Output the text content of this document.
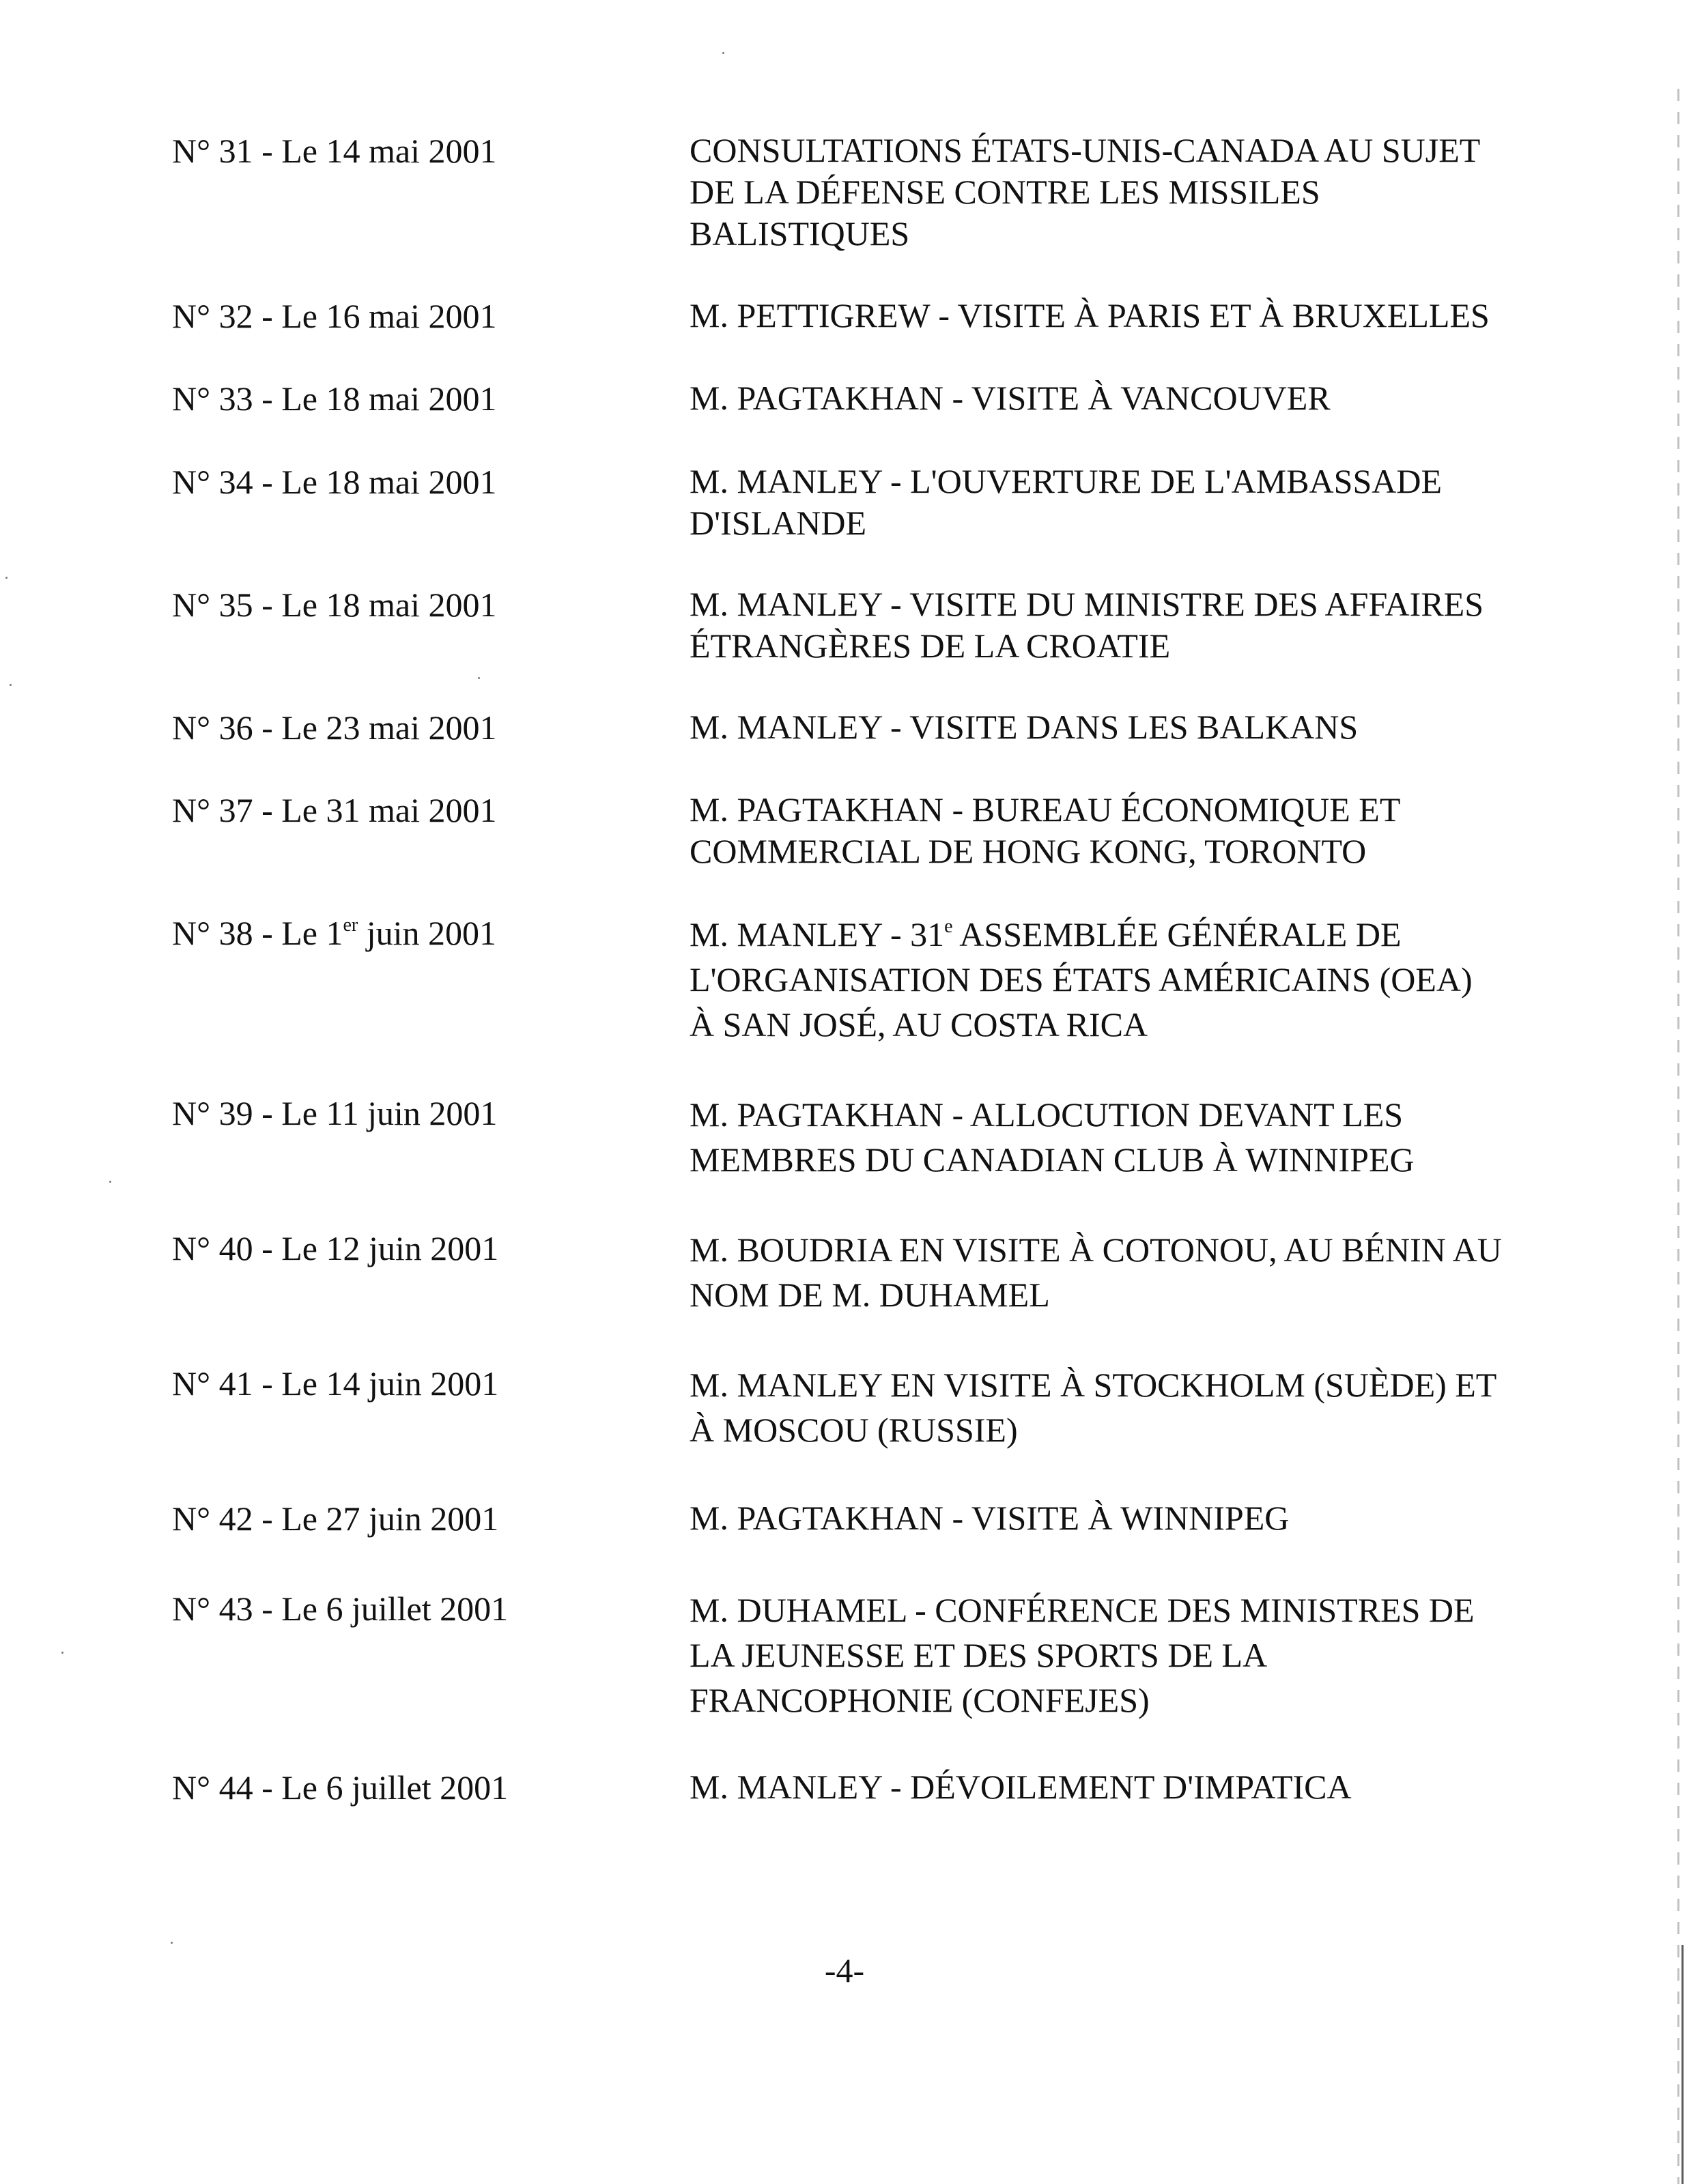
N° 31 - Le 14 mai 2001	CONSULTATIONS ÉTATS-UNIS-CANADA AU SUJET
DE LA DÉFENSE CONTRE LES MISSILES
BALISTIQUES
N° 32 - Le 16 mai 2001	M. PETTIGREW - VISITE À PARIS ET À BRUXELLES
N° 33 - Le 18 mai 2001	M. PAGTAKHAN - VISITE À VANCOUVER
N° 34 - Le 18 mai 2001	M. MANLEY - L'OUVERTURE DE L'AMBASSADE
D'ISLANDE
N° 35 - Le 18 mai 2001	M. MANLEY - VISITE DU MINISTRE DES AFFAIRES
ÉTRANGÈRES DE LA CROATIE
N° 36 - Le 23 mai 2001	M. MANLEY - VISITE DANS LES BALKANS
N° 37 - Le 31 mai 2001	M. PAGTAKHAN - BUREAU ÉCONOMIQUE ET
COMMERCIAL DE HONG KONG, TORONTO
N° 38 - Le 1er juin 2001	M. MANLEY - 31e ASSEMBLÉE GÉNÉRALE DE
L'ORGANISATION DES ÉTATS AMÉRICAINS (OEA)
À SAN JOSÉ, AU COSTA RICA
N° 39 - Le 11 juin 2001	M. PAGTAKHAN - ALLOCUTION DEVANT LES
MEMBRES DU CANADIAN CLUB À WINNIPEG
N° 40 - Le 12 juin 2001	M. BOUDRIA EN VISITE À COTONOU, AU BÉNIN AU
NOM DE M. DUHAMEL
N° 41 - Le 14 juin 2001	M. MANLEY EN VISITE À STOCKHOLM (SUÈDE) ET
À MOSCOU (RUSSIE)
N° 42 - Le 27 juin 2001	M. PAGTAKHAN - VISITE À WINNIPEG
N° 43 - Le 6 juillet 2001	M. DUHAMEL - CONFÉRENCE DES MINISTRES DE
LA JEUNESSE ET DES SPORTS DE LA
FRANCOPHONIE (CONFEJES)
N° 44 - Le 6 juillet 2001	M. MANLEY - DÉVOILEMENT D'IMPATICA
-4-
